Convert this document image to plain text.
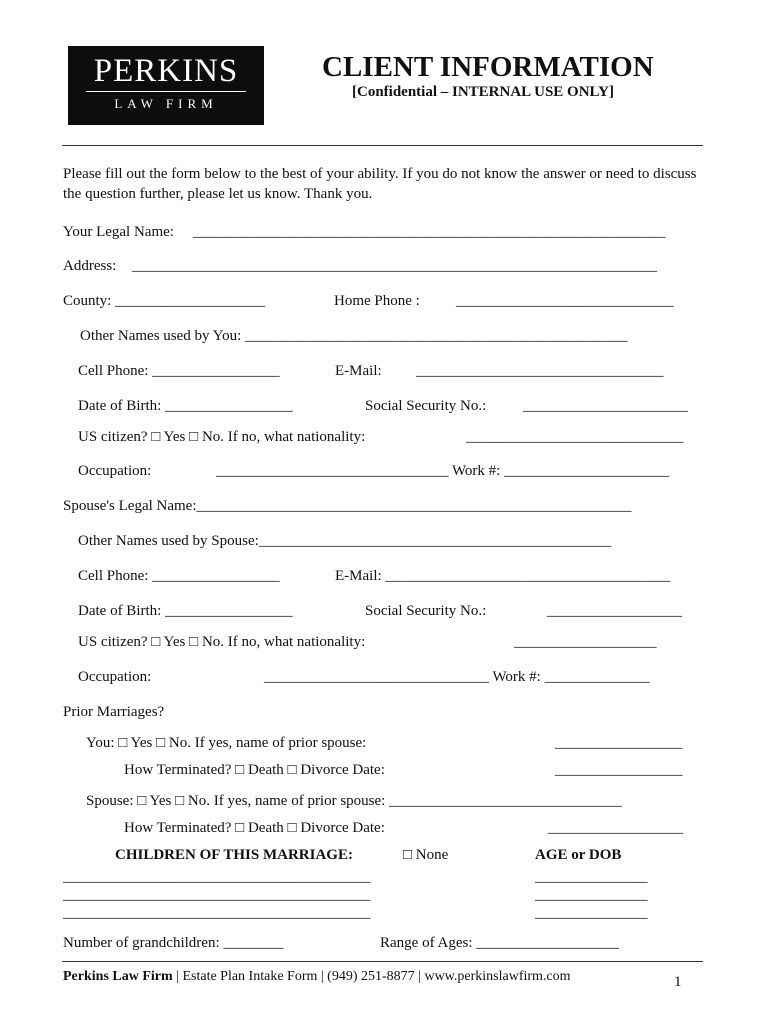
PERKINS
LAW FIRM
CLIENT INFORMATION
[Confidential – INTERNAL USE ONLY]
Please fill out the form below to the best of your ability. If you do not know the answer or need to discuss the question further, please let us know. Thank you.
Your Legal Name: _______________________________________________________________
Address: ______________________________________________________________________
County: ____________________	Home Phone : _____________________________
Other Names used by You: ___________________________________________________
Cell Phone: _________________	E-Mail: _________________________________
Date of Birth: _________________	Social Security No.: ______________________
US citizen? □ Yes □ No. If no, what nationality:	_____________________________
Occupation:	_______________________________ Work #: ______________________
Spouse's Legal Name:__________________________________________________________
Other Names used by Spouse:_______________________________________________
Cell Phone: _________________	E-Mail: ______________________________________
Date of Birth: _________________	Social Security No.:	__________________
US citizen? □ Yes □ No. If no, what nationality:	___________________
Occupation:	______________________________ Work #: ______________
Prior Marriages?
You: □ Yes □ No. If yes, name of prior spouse:	_________________
How Terminated? □ Death □ Divorce Date:	_________________
Spouse: □ Yes □ No. If yes, name of prior spouse: _______________________________
How Terminated? □ Death □ Divorce Date:	__________________
CHILDREN OF THIS MARRIAGE:	□ None	AGE or DOB
_________________________________________	_______________
_________________________________________	_______________
_________________________________________	_______________
Number of grandchildren: ________	Range of Ages: ___________________
Perkins Law Firm | Estate Plan Intake Form | (949) 251-8877 | www.perkinslawfirm.com	1
